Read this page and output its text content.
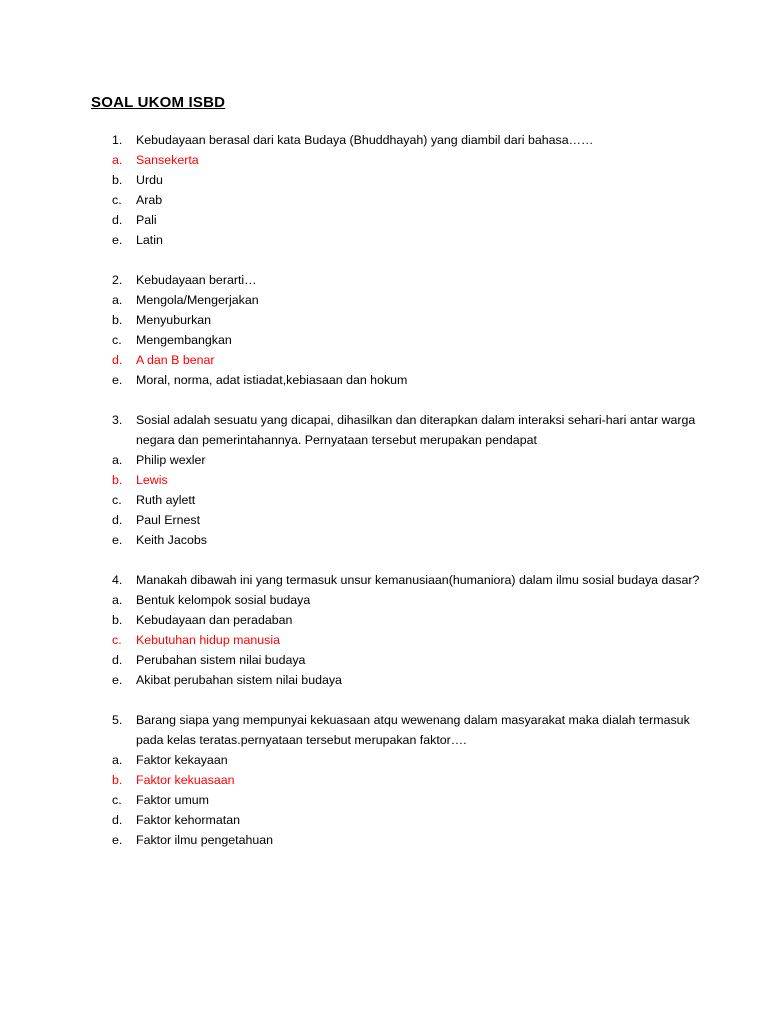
SOAL UKOM ISBD
1.	Kebudayaan berasal dari kata Budaya (Bhuddhayah) yang diambil dari bahasa……
a.	Sansekerta
b.	Urdu
c.	Arab
d.	Pali
e.	Latin
2.	Kebudayaan berarti…
a.	Mengola/Mengerjakan
b.	Menyuburkan
c.	Mengembangkan
d.	A dan B benar
e.	Moral, norma, adat istiadat,kebiasaan dan hokum
3.	Sosial adalah sesuatu yang dicapai, dihasilkan dan diterapkan dalam interaksi sehari-hari antar warga negara dan pemerintahannya. Pernyataan tersebut merupakan pendapat
a.	Philip wexler
b.	Lewis
c.	Ruth aylett
d.	Paul Ernest
e.	Keith Jacobs
4.	Manakah dibawah ini yang termasuk unsur kemanusiaan(humaniora) dalam ilmu sosial budaya dasar?
a.	Bentuk kelompok sosial budaya
b.	Kebudayaan dan peradaban
c.	Kebutuhan hidup manusia
d.	Perubahan sistem nilai budaya
e.	Akibat perubahan sistem nilai budaya
5.	Barang siapa yang mempunyai kekuasaan atqu wewenang dalam masyarakat maka dialah termasuk pada kelas teratas.pernyataan tersebut merupakan faktor….
a.	Faktor kekayaan
b.	Faktor kekuasaan
c.	Faktor umum
d.	Faktor kehormatan
e.	Faktor ilmu pengetahuan
